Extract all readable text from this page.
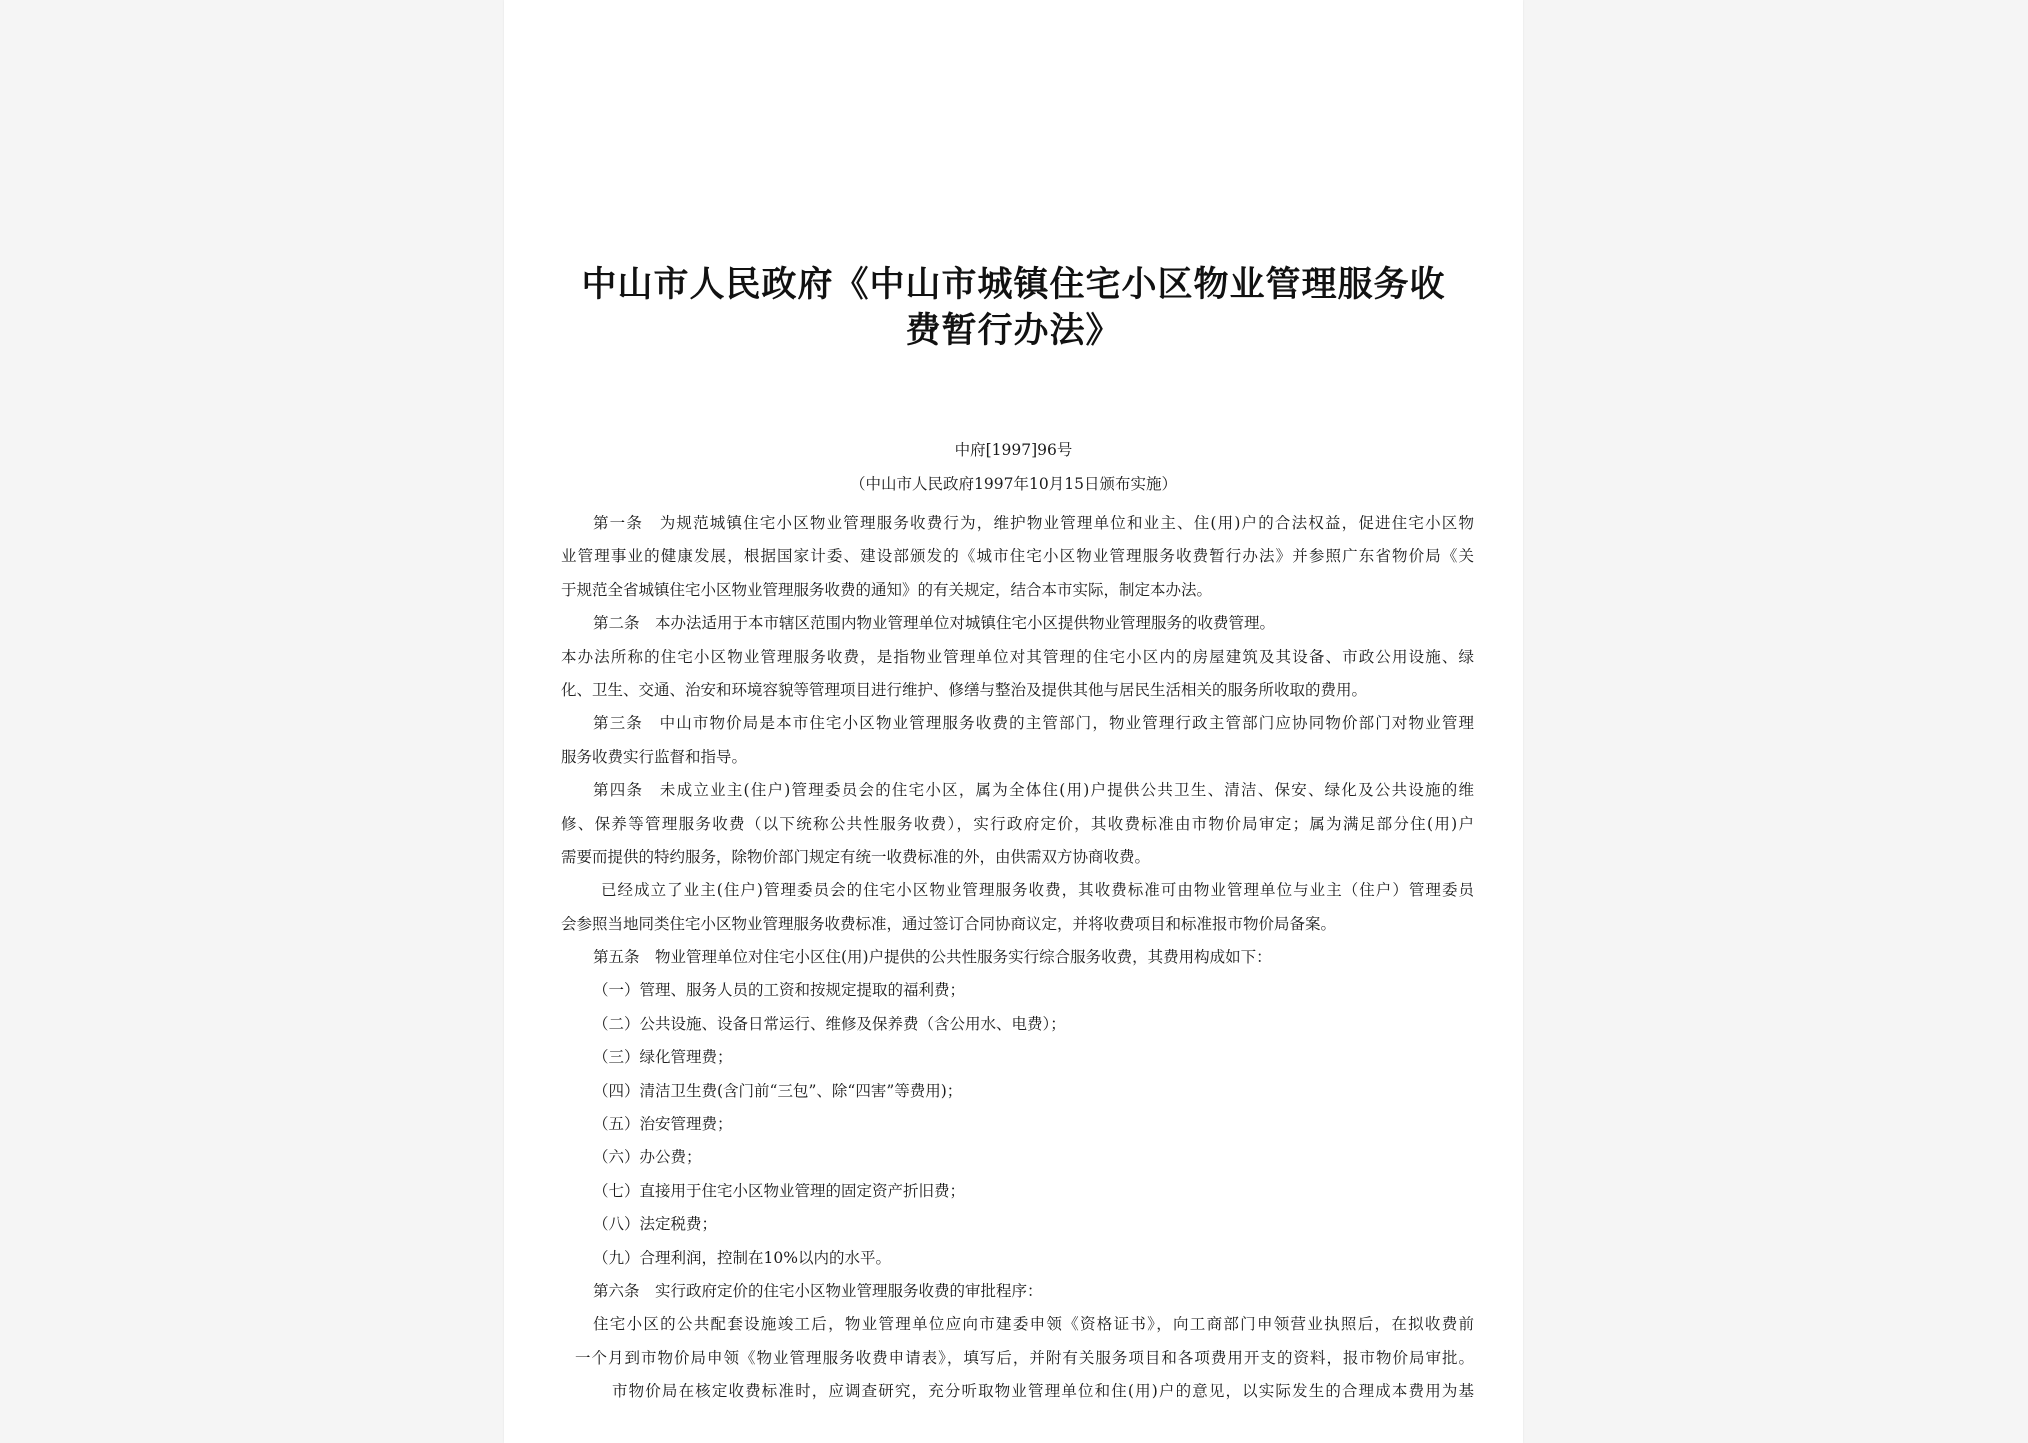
中山市人民政府《中山市城镇住宅小区物业管理服务收
费暂行办法》
中府[1997]96号
（中山市人民政府1997年10月15日颁布实施）
第一条　为规范城镇住宅小区物业管理服务收费行为，维护物业管理单位和业主、住(用)户的合法权益，促进住宅小区物
业管理事业的健康发展，根据国家计委、建设部颁发的《城市住宅小区物业管理服务收费暂行办法》并参照广东省物价局《关
于规范全省城镇住宅小区物业管理服务收费的通知》的有关规定，结合本市实际，制定本办法。
第二条　本办法适用于本市辖区范围内物业管理单位对城镇住宅小区提供物业管理服务的收费管理。
本办法所称的住宅小区物业管理服务收费，是指物业管理单位对其管理的住宅小区内的房屋建筑及其设备、市政公用设施、绿
化、卫生、交通、治安和环境容貌等管理项目进行维护、修缮与整治及提供其他与居民生活相关的服务所收取的费用。
第三条　中山市物价局是本市住宅小区物业管理服务收费的主管部门，物业管理行政主管部门应协同物价部门对物业管理
服务收费实行监督和指导。
第四条　未成立业主(住户)管理委员会的住宅小区，属为全体住(用)户提供公共卫生、清洁、保安、绿化及公共设施的维
修、保养等管理服务收费（以下统称公共性服务收费），实行政府定价，其收费标准由市物价局审定；属为满足部分住(用)户
需要而提供的特约服务，除物价部门规定有统一收费标准的外，由供需双方协商收费。
已经成立了业主(住户)管理委员会的住宅小区物业管理服务收费，其收费标准可由物业管理单位与业主（住户）管理委员
会参照当地同类住宅小区物业管理服务收费标准，通过签订合同协商议定，并将收费项目和标准报市物价局备案。
第五条　物业管理单位对住宅小区住(用)户提供的公共性服务实行综合服务收费，其费用构成如下：
（一）管理、服务人员的工资和按规定提取的福利费；
（二）公共设施、设备日常运行、维修及保养费（含公用水、电费）；
（三）绿化管理费；
（四）清洁卫生费(含门前“三包”、除“四害”等费用)；
（五）治安管理费；
（六）办公费；
（七）直接用于住宅小区物业管理的固定资产折旧费；
（八）法定税费；
（九）合理利润，控制在10%以内的水平。
第六条　实行政府定价的住宅小区物业管理服务收费的审批程序：
住宅小区的公共配套设施竣工后，物业管理单位应向市建委申领《资格证书》，向工商部门申领营业执照后，在拟收费前
一个月到市物价局申领《物业管理服务收费申请表》，填写后，并附有关服务项目和各项费用开支的资料，报市物价局审批。
市物价局在核定收费标准时，应调查研究，充分听取物业管理单位和住(用)户的意见，以实际发生的合理成本费用为基
